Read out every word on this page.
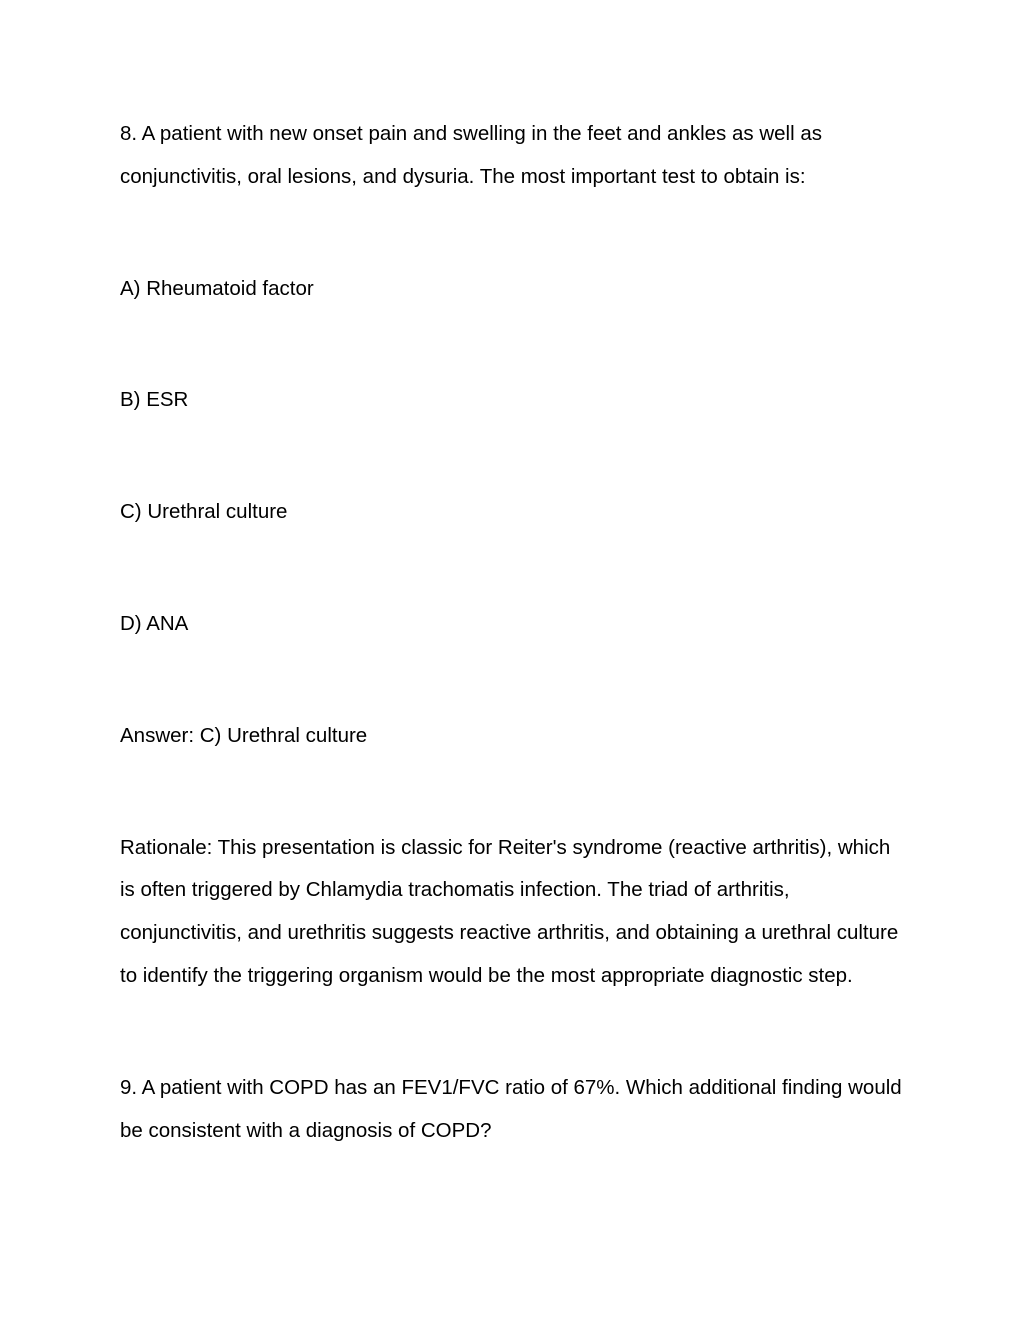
8. A patient with new onset pain and swelling in the feet and ankles as well as conjunctivitis, oral lesions, and dysuria. The most important test to obtain is:

A) Rheumatoid factor

B) ESR

C) Urethral culture

D) ANA

Answer: C) Urethral culture

Rationale: This presentation is classic for Reiter's syndrome (reactive arthritis), which is often triggered by Chlamydia trachomatis infection. The triad of arthritis, conjunctivitis, and urethritis suggests reactive arthritis, and obtaining a urethral culture to identify the triggering organism would be the most appropriate diagnostic step.

9. A patient with COPD has an FEV1/FVC ratio of 67%. Which additional finding would be consistent with a diagnosis of COPD?
